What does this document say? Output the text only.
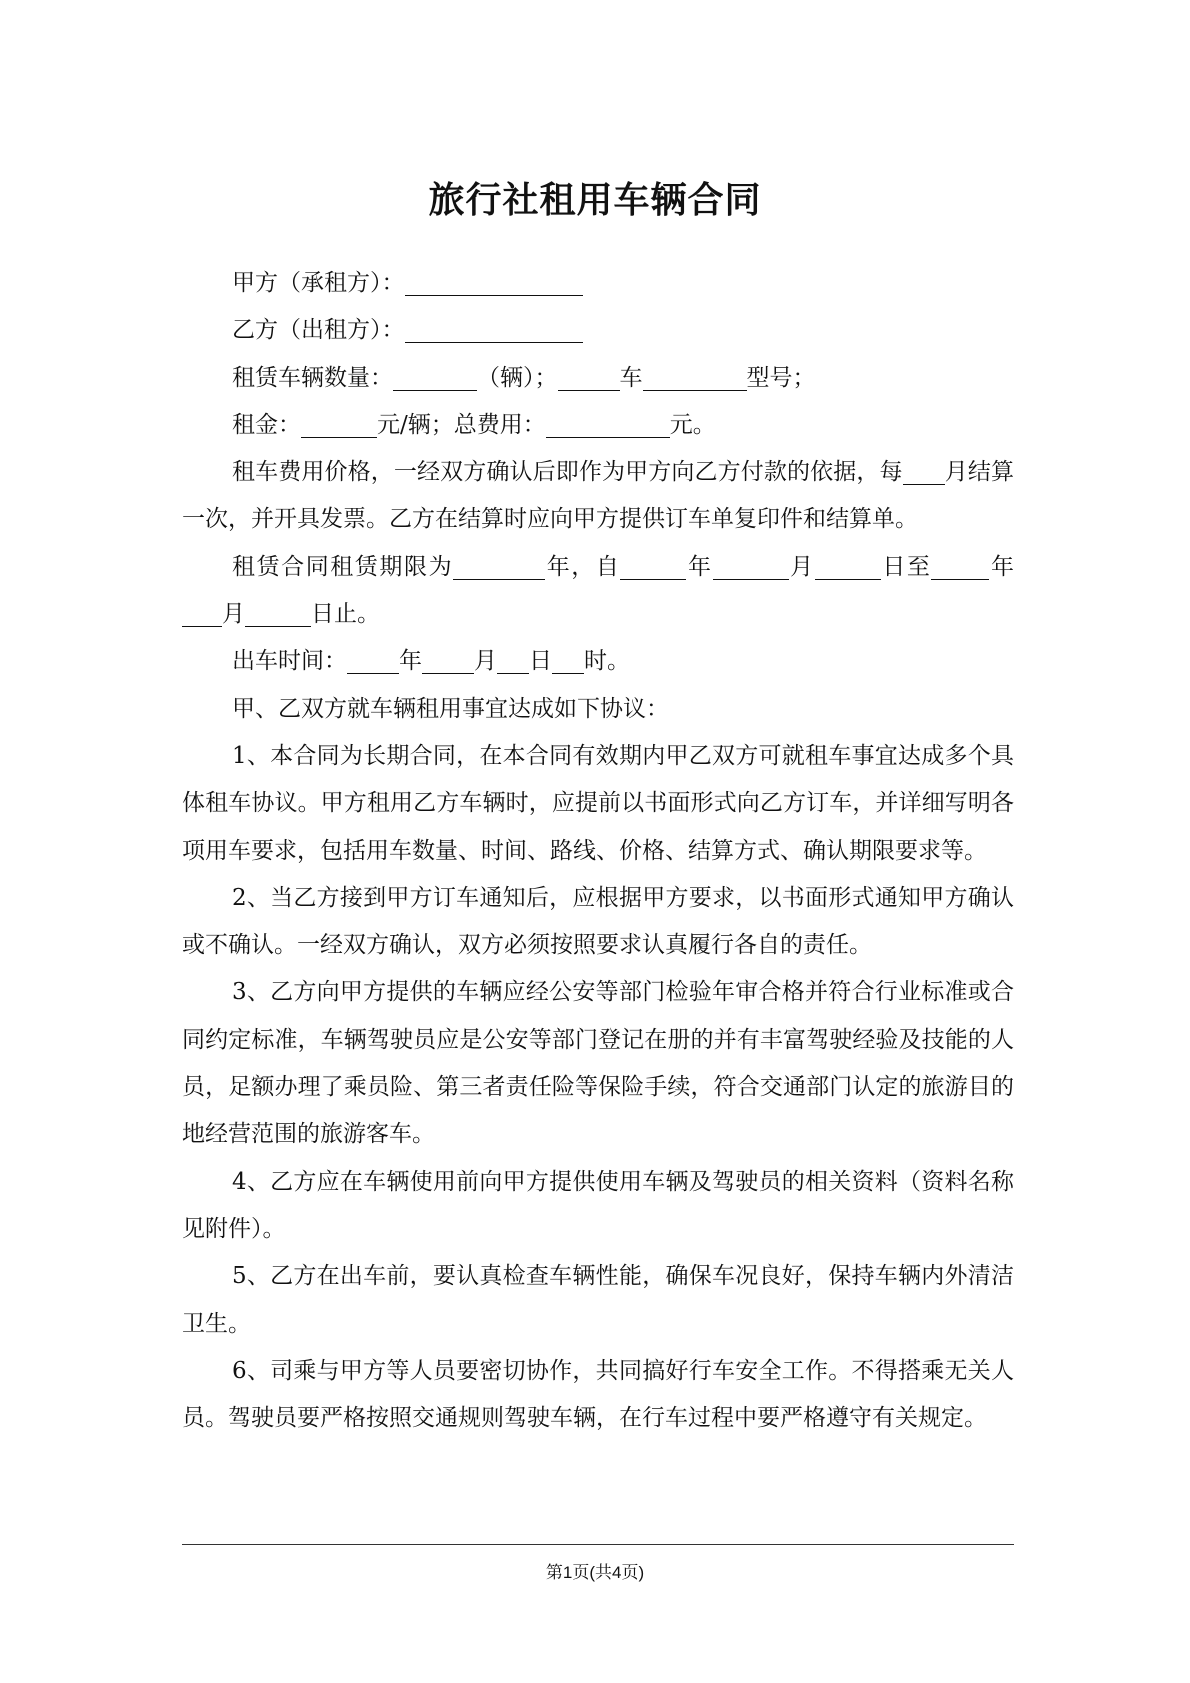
旅行社租用车辆合同

甲方（承租方）：

乙方（出租方）：

租赁车辆数量：	（辆）；	车	型号；

租金：	元/辆；总费用：	元。

租车费用价格，一经双方确认后即作为甲方向乙方付款的依据，每 月结算一次，并开具发票。乙方在结算时应向甲方提供订车单复印件和结算单。

租赁合同租赁期限为	年，自	年	月	日至	年月	日止。

出车时间： 年 月 日 时。

甲、乙双方就车辆租用事宜达成如下协议：

1、本合同为长期合同，在本合同有效期内甲乙双方可就租车事宜达成多个具体租车协议。甲方租用乙方车辆时，应提前以书面形式向乙方订车，并详细写明各项用车要求，包括用车数量、时间、路线、价格、结算方式、确认期限要求等。

2、当乙方接到甲方订车通知后，应根据甲方要求，以书面形式通知甲方确认或不确认。一经双方确认，双方必须按照要求认真履行各自的责任。

3、乙方向甲方提供的车辆应经公安等部门检验年审合格并符合行业标准或合同约定标准，车辆驾驶员应是公安等部门登记在册的并有丰富驾驶经验及技能的人员，足额办理了乘员险、第三者责任险等保险手续，符合交通部门认定的旅游目的地经营范围的旅游客车。

4、乙方应在车辆使用前向甲方提供使用车辆及驾驶员的相关资料（资料名称见附件）。

5、乙方在出车前，要认真检查车辆性能，确保车况良好，保持车辆内外清洁卫生。

6、司乘与甲方等人员要密切协作，共同搞好行车安全工作。不得搭乘无关人员。驾驶员要严格按照交通规则驾驶车辆，在行车过程中要严格遵守有关规定。

第1页(共4页)
